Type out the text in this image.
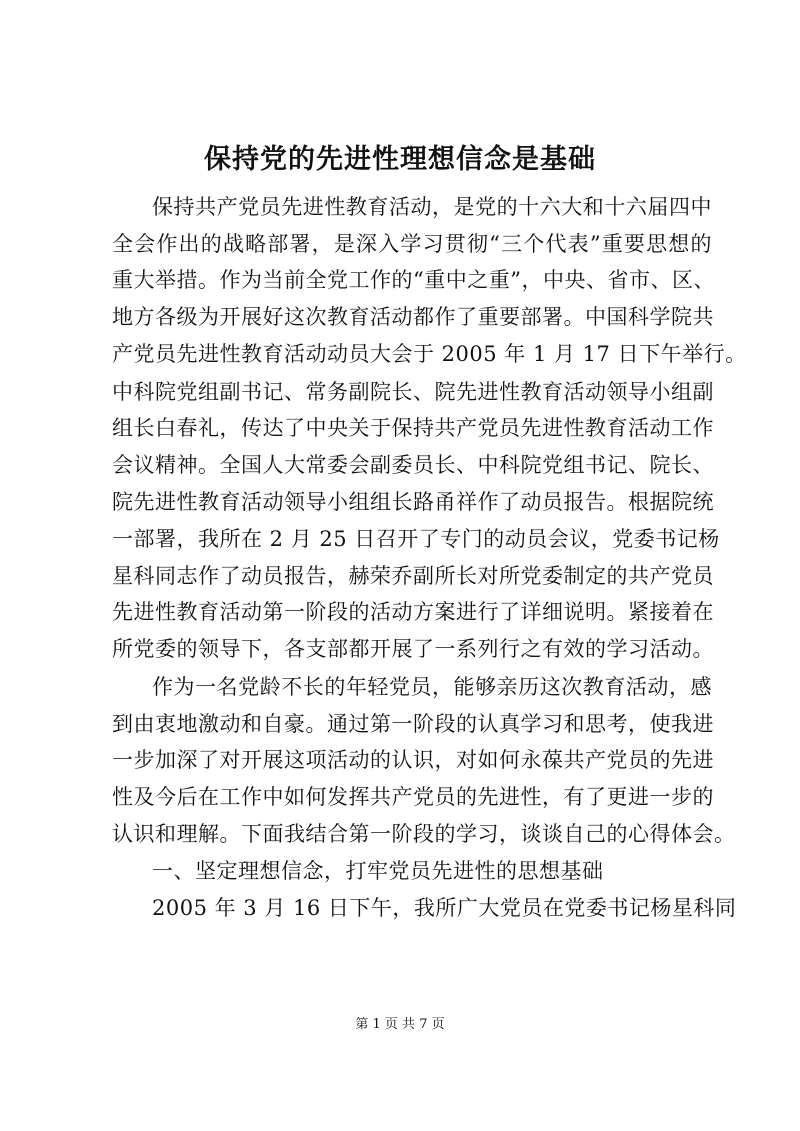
保持党的先进性理想信念是基础
保持共产党员先进性教育活动，是党的十六大和十六届四中
全会作出的战略部署，是深入学习贯彻“三个代表”重要思想的
重大举措。作为当前全党工作的“重中之重”，中央、省市、区、
地方各级为开展好这次教育活动都作了重要部署。中国科学院共
产党员先进性教育活动动员大会于 2005 年 1 月 17 日下午举行。
中科院党组副书记、常务副院长、院先进性教育活动领导小组副
组长白春礼，传达了中央关于保持共产党员先进性教育活动工作
会议精神。全国人大常委会副委员长、中科院党组书记、院长、
院先进性教育活动领导小组组长路甬祥作了动员报告。根据院统
一部署，我所在 2 月 25 日召开了专门的动员会议，党委书记杨
星科同志作了动员报告，赫荣乔副所长对所党委制定的共产党员
先进性教育活动第一阶段的活动方案进行了详细说明。紧接着在
所党委的领导下，各支部都开展了一系列行之有效的学习活动。
作为一名党龄不长的年轻党员，能够亲历这次教育活动，感
到由衷地激动和自豪。通过第一阶段的认真学习和思考，使我进
一步加深了对开展这项活动的认识，对如何永葆共产党员的先进
性及今后在工作中如何发挥共产党员的先进性，有了更进一步的
认识和理解。下面我结合第一阶段的学习，谈谈自己的心得体会。
一、坚定理想信念，打牢党员先进性的思想基础
2005 年 3 月 16 日下午，我所广大党员在党委书记杨星科同
第 1 页 共 7 页
